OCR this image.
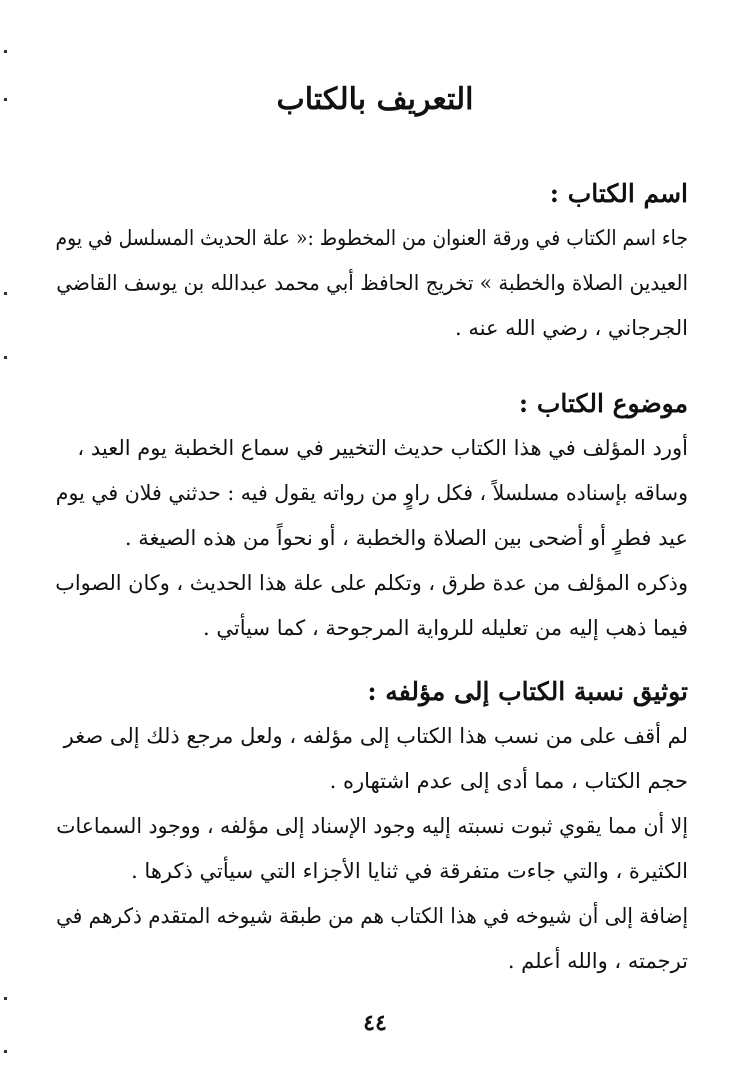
التعريف بالكتاب
اسم الكتاب :

جاء اسم الكتاب في ورقة العنوان من المخطوط :« علة الحديث المسلسل في يوم
العيدين الصلاة والخطبة » تخريج الحافظ أبي محمد عبدالله بن يوسف القاضي
الجرجاني ، رضي الله عنه .

موضوع الكتاب :

أورد المؤلف في هذا الكتاب حديث التخيير في سماع الخطبة يوم العيد ،
وساقه بإسناده مسلسلاً ، فكل راوٍ من رواته يقول فيه : حدثني فلان في يوم
عيد فطرٍ أو أضحى بين الصلاة والخطبة ، أو نحواً من هذه الصيغة .

وذكره المؤلف من عدة طرق ، وتكلم على علة هذا الحديث ، وكان الصواب
فيما ذهب إليه من تعليله للرواية المرجوحة ، كما سيأتي .

توثيق نسبة الكتاب إلى مؤلفه :

لم أقف على من نسب هذا الكتاب إلى مؤلفه ، ولعل مرجع ذلك إلى صغر
حجم الكتاب ، مما أدى إلى عدم اشتهاره .

إلا أن مما يقوي ثبوت نسبته إليه وجود الإسناد إلى مؤلفه ، ووجود السماعات
الكثيرة ، والتي جاءت متفرقة في ثنايا الأجزاء التي سيأتي ذكرها .

إضافة إلى أن شيوخه في هذا الكتاب هم من طبقة شيوخه المتقدم ذكرهم في
ترجمته ، والله أعلم .

٤٤
